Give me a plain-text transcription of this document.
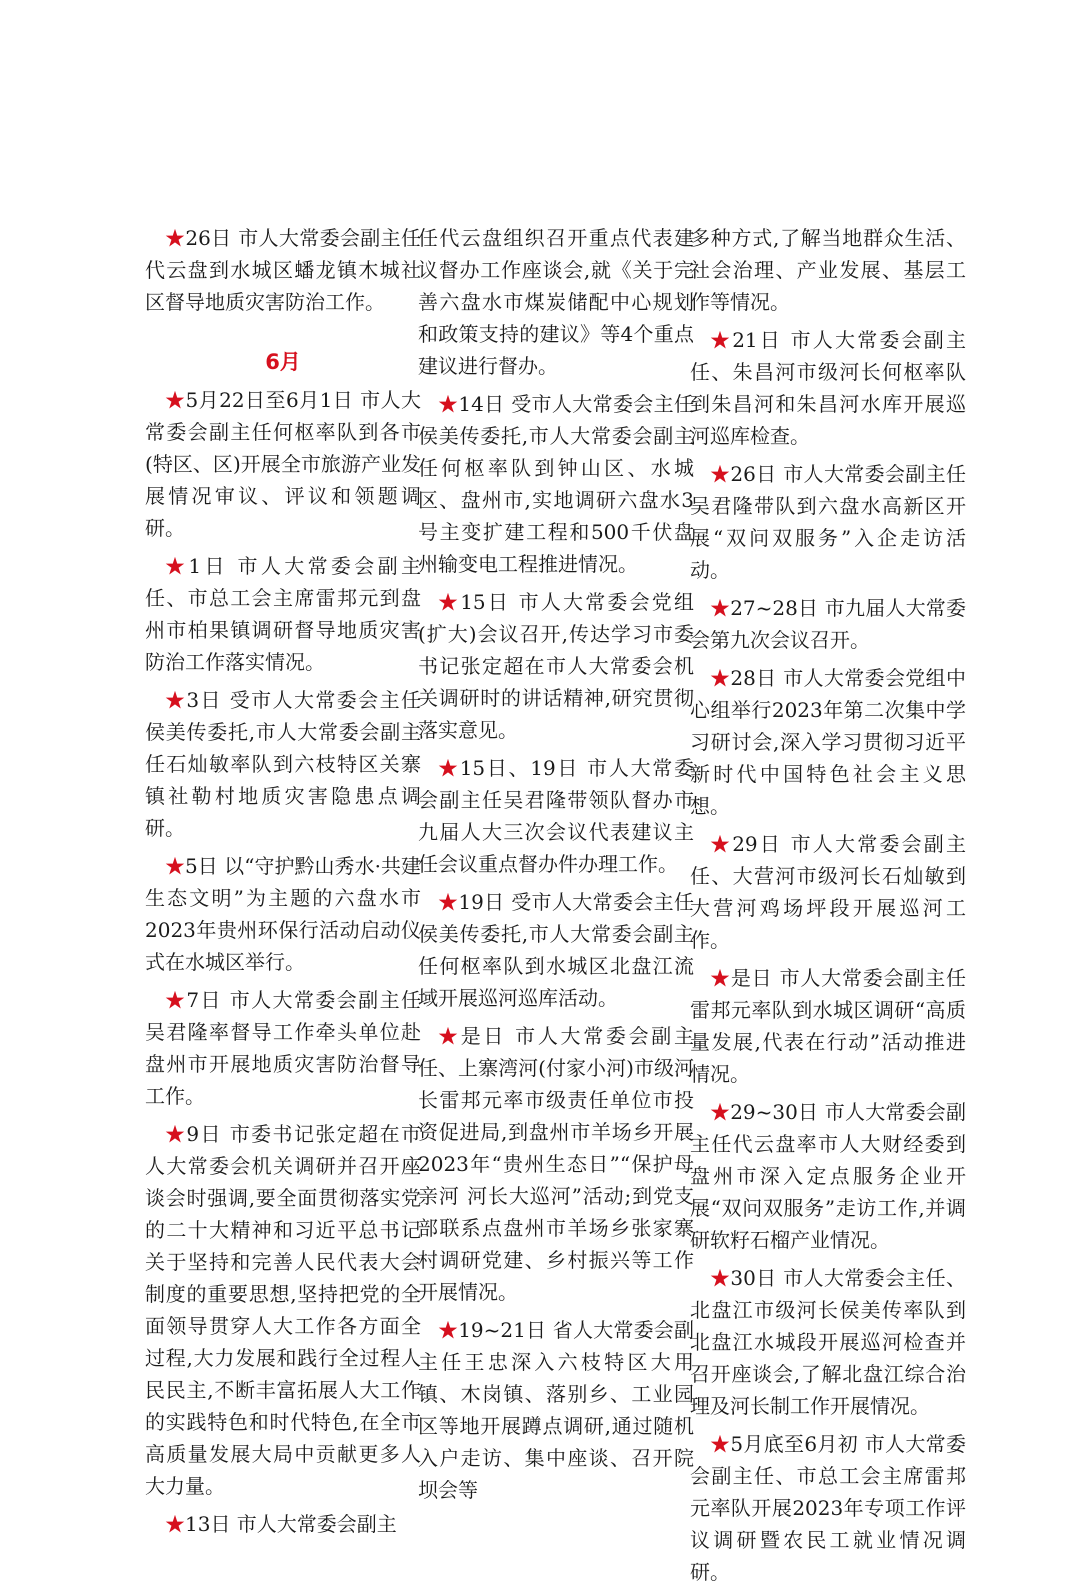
★26日 市人大常委会副主任代云盘到水城区蟠龙镇木城社区督导地质灾害防治工作。

6月

★5月22日至6月1日 市人大常委会副主任何枢率队到各市(特区、区)开展全市旅游产业发展情况审议、评议和领题调研。

★1日 市人大常委会副主任、市总工会主席雷邦元到盘州市柏果镇调研督导地质灾害防治工作落实情况。

★3日 受市人大常委会主任侯美传委托,市人大常委会副主任石灿敏率队到六枝特区关寨镇社勒村地质灾害隐患点调研。

★5日 以“守护黔山秀水·共建生态文明”为主题的六盘水市2023年贵州环保行活动启动仪式在水城区举行。

★7日 市人大常委会副主任吴君隆率督导工作牵头单位赴盘州市开展地质灾害防治督导工作。

★9日 市委书记张定超在市人大常委会机关调研并召开座谈会时强调,要全面贯彻落实党的二十大精神和习近平总书记关于坚持和完善人民代表大会制度的重要思想,坚持把党的全面领导贯穿人大工作各方面全过程,大力发展和践行全过程人民民主,不断丰富拓展人大工作的实践特色和时代特色,在全市高质量发展大局中贡献更多人大力量。

★13日 市人大常委会副主

任代云盘组织召开重点代表建议督办工作座谈会,就《关于完善六盘水市煤炭储配中心规划和政策支持的建议》等4个重点建议进行督办。

★14日 受市人大常委会主任侯美传委托,市人大常委会副主任何枢率队到钟山区、水城区、盘州市,实地调研六盘水3号主变扩建工程和500千伏盘州输变电工程推进情况。

★15日 市人大常委会党组(扩大)会议召开,传达学习市委书记张定超在市人大常委会机关调研时的讲话精神,研究贯彻落实意见。

★15日、19日 市人大常委会副主任吴君隆带领队督办市九届人大三次会议代表建议主任会议重点督办件办理工作。

★19日 受市人大常委会主任侯美传委托,市人大常委会副主任何枢率队到水城区北盘江流域开展巡河巡库活动。

★是日 市人大常委会副主任、上寨湾河(付家小河)市级河长雷邦元率市级责任单位市投资促进局,到盘州市羊场乡开展2023年“贵州生态日”“保护母亲河 河长大巡河”活动;到党支部联系点盘州市羊场乡张家寨村调研党建、乡村振兴等工作开展情况。

★19~21日 省人大常委会副主任王忠深入六枝特区大用镇、木岗镇、落别乡、工业园区等地开展蹲点调研,通过随机入户走访、集中座谈、召开院坝会等

多种方式,了解当地群众生活、社会治理、产业发展、基层工作等情况。

★21日 市人大常委会副主任、朱昌河市级河长何枢率队到朱昌河和朱昌河水库开展巡河巡库检查。

★26日 市人大常委会副主任吴君隆带队到六盘水高新区开展“双问双服务”入企走访活动。

★27~28日 市九届人大常委会第九次会议召开。

★28日 市人大常委会党组中心组举行2023年第二次集中学习研讨会,深入学习贯彻习近平新时代中国特色社会主义思想。

★29日 市人大常委会副主任、大营河市级河长石灿敏到大营河鸡场坪段开展巡河工作。

★是日 市人大常委会副主任雷邦元率队到水城区调研“高质量发展,代表在行动”活动推进情况。

★29~30日 市人大常委会副主任代云盘率市人大财经委到盘州市深入定点服务企业开展“双问双服务”走访工作,并调研软籽石榴产业情况。

★30日 市人大常委会主任、北盘江市级河长侯美传率队到北盘江水城段开展巡河检查并召开座谈会,了解北盘江综合治理及河长制工作开展情况。

★5月底至6月初 市人大常委会副主任、市总工会主席雷邦元率队开展2023年专项工作评议调研暨农民工就业情况调研。
